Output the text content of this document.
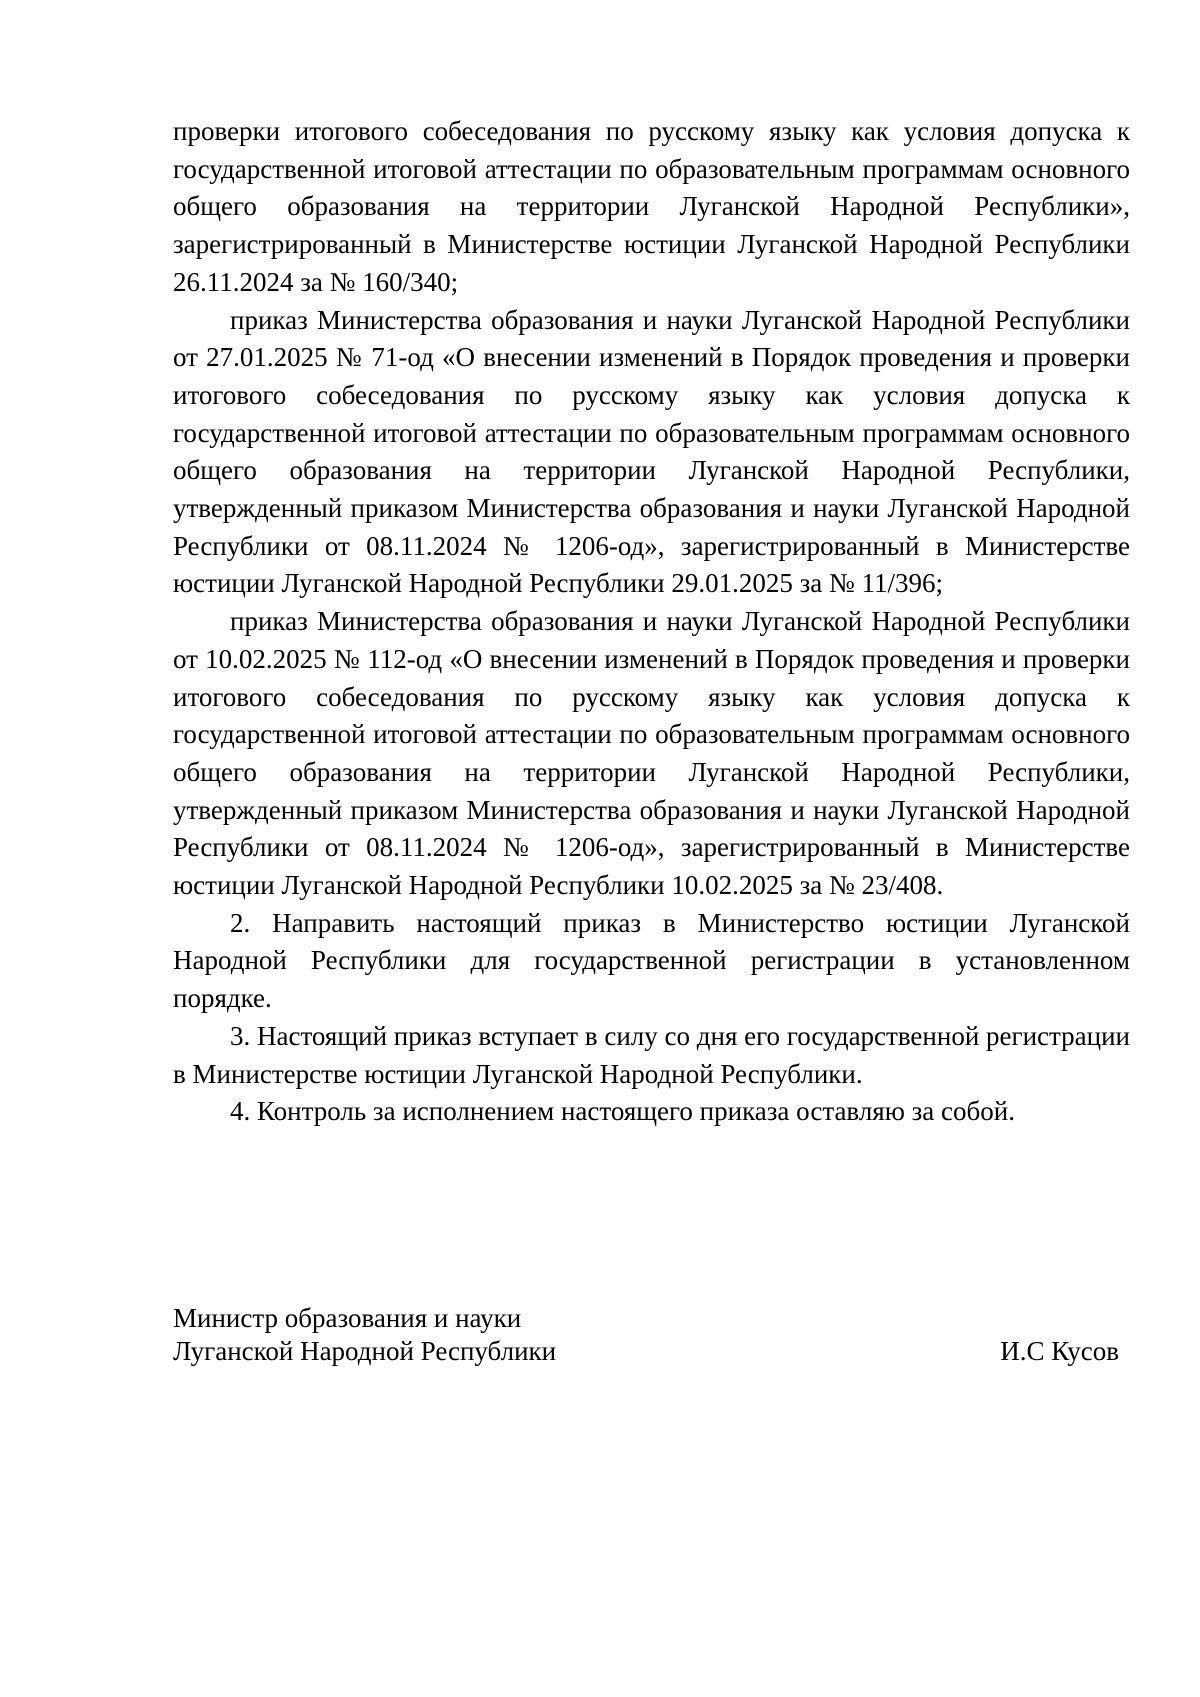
проверки итогового собеседования по русскому языку как условия допуска к государственной итоговой аттестации по образовательным программам основного общего образования на территории Луганской Народной Республики», зарегистрированный в Министерстве юстиции Луганской Народной Республики 26.11.2024 за № 160/340;

приказ Министерства образования и науки Луганской Народной Республики от 27.01.2025 № 71-од «О внесении изменений в Порядок проведения и проверки итогового собеседования по русскому языку как условия допуска к государственной итоговой аттестации по образовательным программам основного общего образования на территории Луганской Народной Республики, утвержденный приказом Министерства образования и науки Луганской Народной Республики от 08.11.2024 № 1206-од», зарегистрированный в Министерстве юстиции Луганской Народной Республики 29.01.2025 за № 11/396;

приказ Министерства образования и науки Луганской Народной Республики от 10.02.2025 № 112-од «О внесении изменений в Порядок проведения и проверки итогового собеседования по русскому языку как условия допуска к государственной итоговой аттестации по образовательным программам основного общего образования на территории Луганской Народной Республики, утвержденный приказом Министерства образования и науки Луганской Народной Республики от 08.11.2024 № 1206-од», зарегистрированный в Министерстве юстиции Луганской Народной Республики 10.02.2025 за № 23/408.

2. Направить настоящий приказ в Министерство юстиции Луганской Народной Республики для государственной регистрации в установленном порядке.

3. Настоящий приказ вступает в силу со дня его государственной регистрации в Министерстве юстиции Луганской Народной Республики.

4. Контроль за исполнением настоящего приказа оставляю за собой.

Министр образования и науки
Луганской Народной Республики	И.С Кусов
